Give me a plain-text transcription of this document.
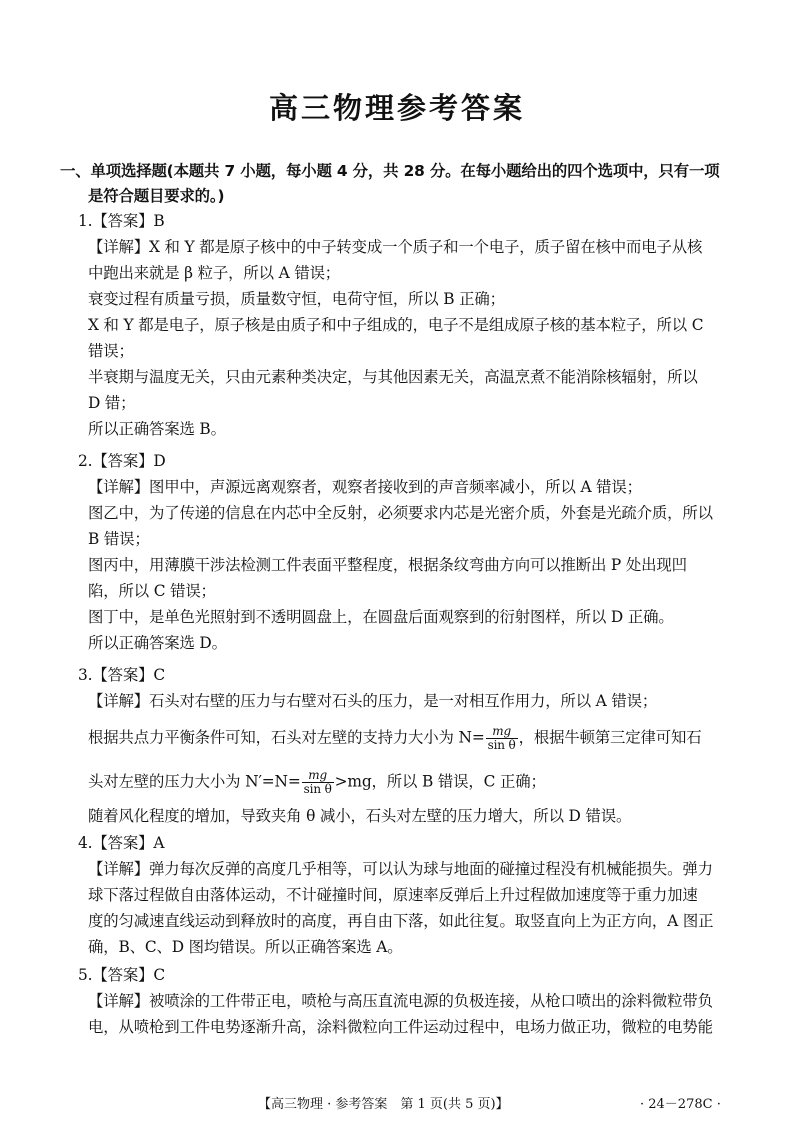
高三物理参考答案
一、单项选择题(本题共 7 小题，每小题 4 分，共 28 分。在每小题给出的四个选项中，只有一项
是符合题目要求的。)
1.【答案】B
【详解】X 和 Y 都是原子核中的中子转变成一个质子和一个电子，质子留在核中而电子从核
中跑出来就是 β 粒子，所以 A 错误；
衰变过程有质量亏损，质量数守恒，电荷守恒，所以 B 正确；
X 和 Y 都是电子，原子核是由质子和中子组成的，电子不是组成原子核的基本粒子，所以 C
错误；
半衰期与温度无关，只由元素种类决定，与其他因素无关，高温烹煮不能消除核辐射，所以
D 错；
所以正确答案选 B。
2.【答案】D
【详解】图甲中，声源远离观察者，观察者接收到的声音频率减小，所以 A 错误；
图乙中，为了传递的信息在内芯中全反射，必须要求内芯是光密介质，外套是光疏介质，所以
B 错误；
图丙中，用薄膜干涉法检测工件表面平整程度，根据条纹弯曲方向可以推断出 P 处出现凹
陷，所以 C 错误；
图丁中，是单色光照射到不透明圆盘上，在圆盘后面观察到的衍射图样，所以 D 正确。
所以正确答案选 D。
3.【答案】C
【详解】石头对右壁的压力与右壁对石头的压力，是一对相互作用力，所以 A 错误；
根据共点力平衡条件可知，石头对左壁的支持力大小为 $N= \frac{mg}{\text{sin θ}}$ ，根据牛顿第三定律可知石
头对左壁的压力大小为 $N'=N= \frac{mg}{\text{sin θ}} >mg$，所以 B 错误，C 正确；
随着风化程度的增加，导致夹角 θ 减小，石头对左壁的压力增大，所以 D 错误。
4.【答案】A
【详解】弹力每次反弹的高度几乎相等，可以认为球与地面的碰撞过程没有机械能损失。弹力
球下落过程做自由落体运动，不计碰撞时间，原速率反弹后上升过程做加速度等于重力加速
度的匀减速直线运动到释放时的高度，再自由下落，如此往复。取竖直向上为正方向，A 图正
确，B、C、D 图均错误。所以正确答案选 A。
5.【答案】C
【详解】被喷涂的工件带正电，喷枪与高压直流电源的负极连接，从枪口喷出的涂料微粒带负
电，从喷枪到工件电势逐渐升高，涂料微粒向工件运动过程中，电场力做正功，微粒的电势能
【高三物理 · 参考答案　第 1 页(共 5 页)】	· 24－278C ·
